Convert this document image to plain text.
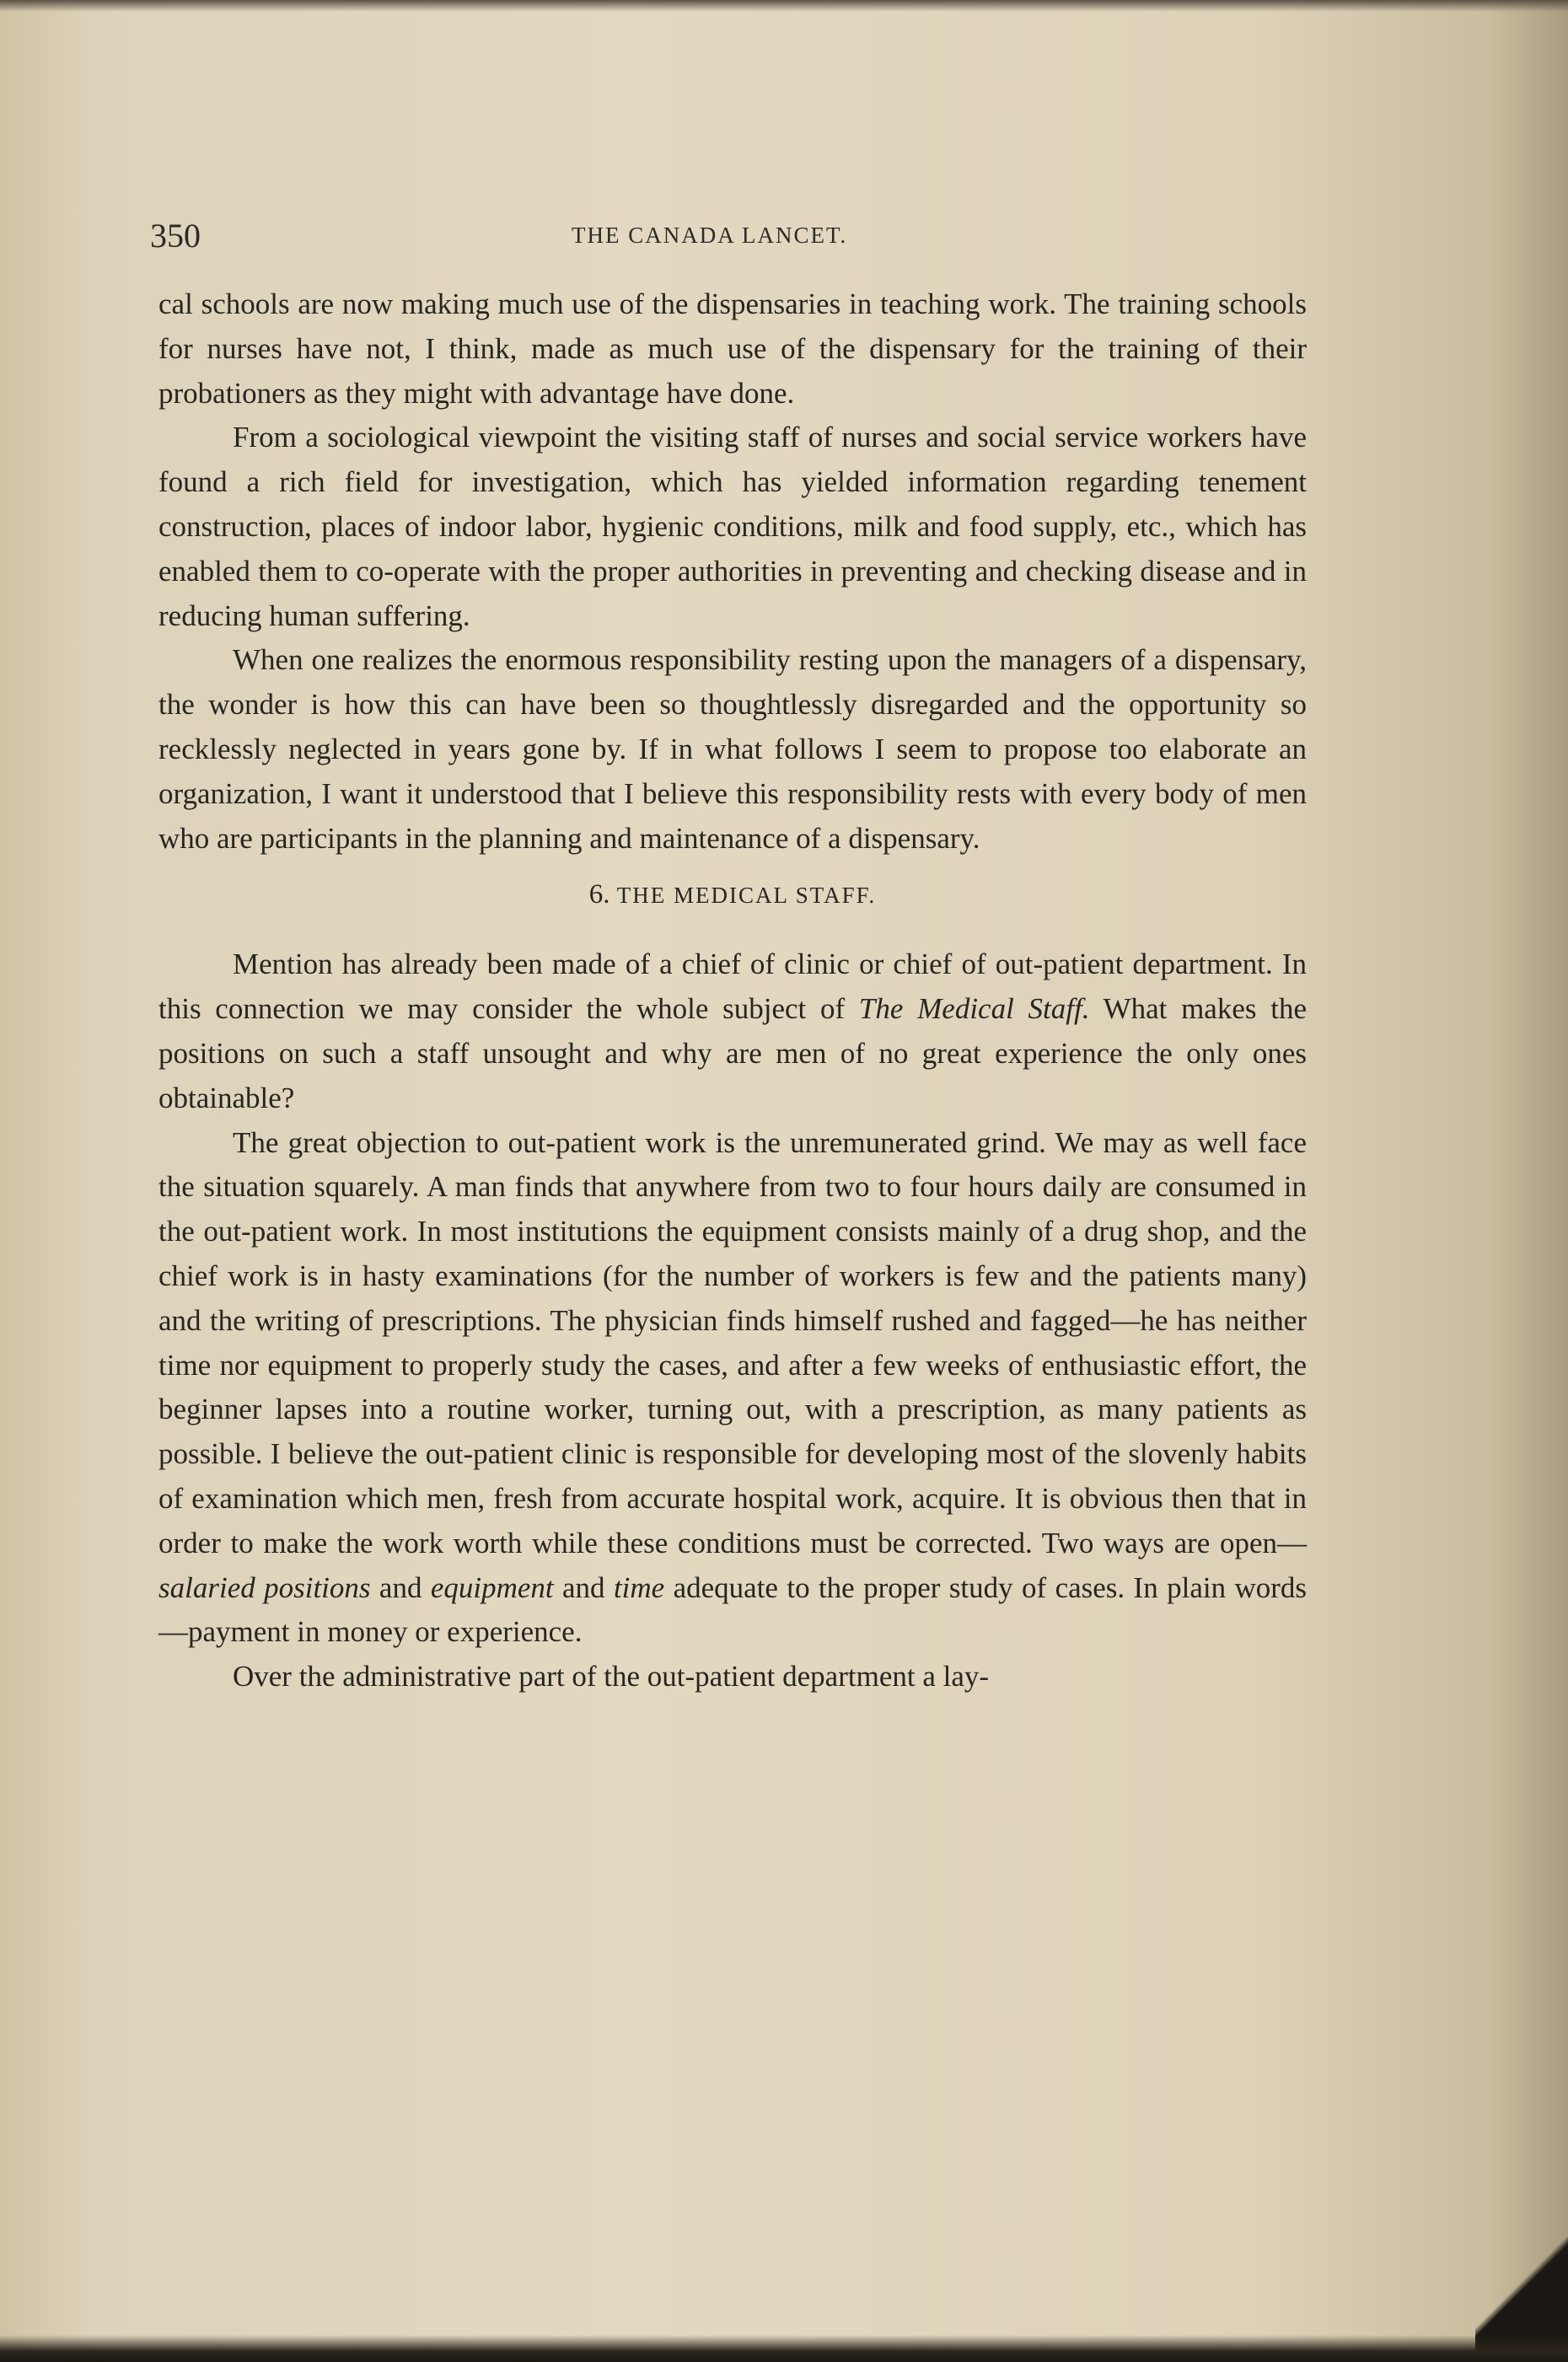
350	THE CANADA LANCET.

cal schools are now making much use of the dispensaries in teaching work. The training schools for nurses have not, I think, made as much use of the dispensary for the training of their probationers as they might with advantage have done.

From a sociological viewpoint the visiting staff of nurses and social service workers have found a rich field for investigation, which has yielded information regarding tenement construction, places of indoor labor, hygienic conditions, milk and food supply, etc., which has enabled them to co-operate with the proper authorities in preventing and checking disease and in reducing human suffering.

When one realizes the enormous responsibility resting upon the managers of a dispensary, the wonder is how this can have been so thoughtlessly disregarded and the opportunity so recklessly neglected in years gone by. If in what follows I seem to propose too elaborate an organization, I want it understood that I believe this responsibility rests with every body of men who are participants in the planning and maintenance of a dispensary.

6. THE MEDICAL STAFF.

Mention has already been made of a chief of clinic or chief of out-patient department. In this connection we may consider the whole subject of The Medical Staff. What makes the positions on such a staff unsought and why are men of no great experience the only ones obtainable?

The great objection to out-patient work is the unremunerated grind. We may as well face the situation squarely. A man finds that anywhere from two to four hours daily are consumed in the out-patient work. In most institutions the equipment consists mainly of a drug shop, and the chief work is in hasty examinations (for the number of workers is few and the patients many) and the writing of prescriptions. The physician finds himself rushed and fagged—he has neither time nor equipment to properly study the cases, and after a few weeks of enthusiastic effort, the beginner lapses into a routine worker, turning out, with a prescription, as many patients as possible. I believe the out-patient clinic is responsible for developing most of the slovenly habits of examination which men, fresh from accurate hospital work, acquire. It is obvious then that in order to make the work worth while these conditions must be corrected. Two ways are open—salaried positions and equipment and time adequate to the proper study of cases. In plain words—payment in money or experience.

Over the administrative part of the out-patient department a lay-
